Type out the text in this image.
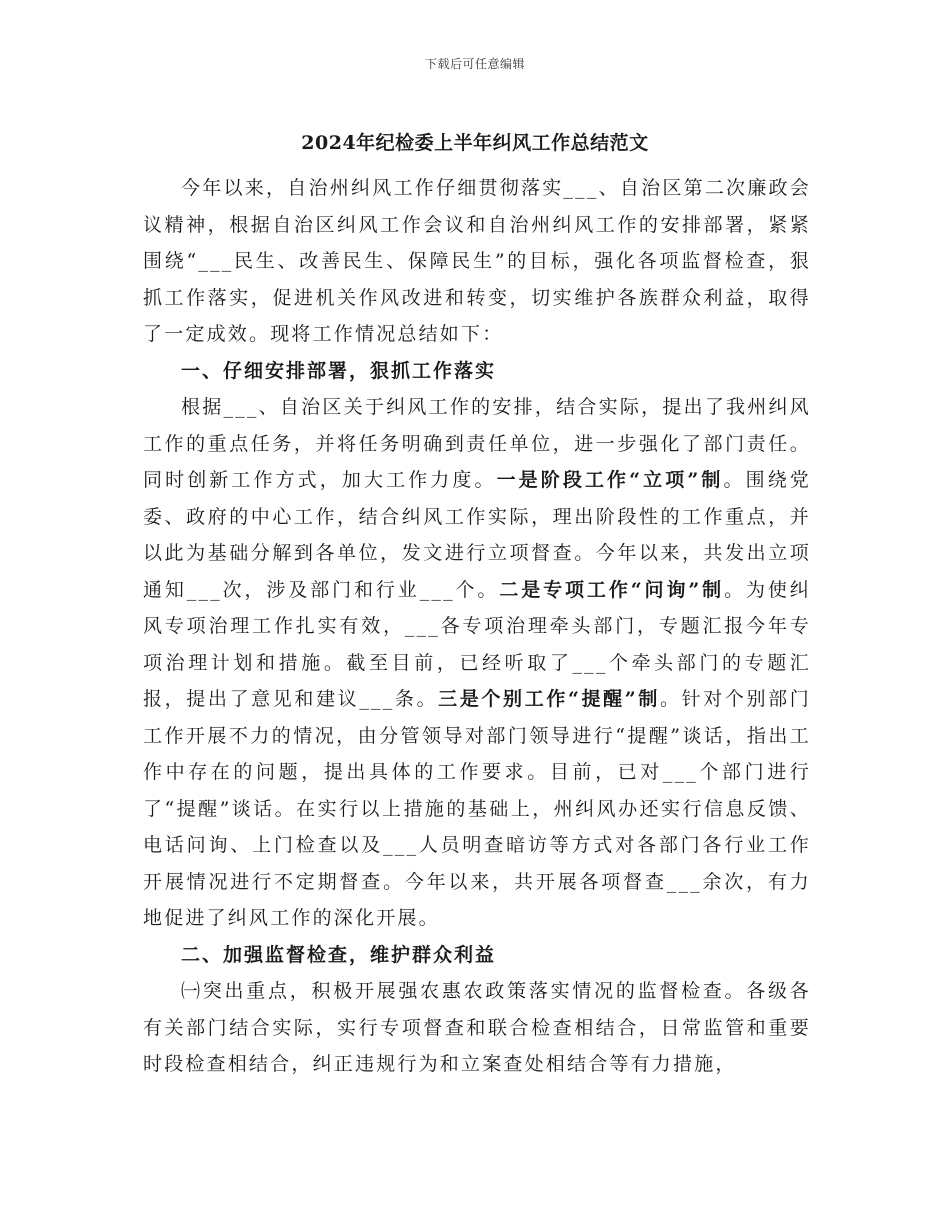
下载后可任意编辑
2024年纪检委上半年纠风工作总结范文

今年以来，自治州纠风工作仔细贯彻落实___、自治区第二次廉政会议精神，根据自治区纠风工作会议和自治州纠风工作的安排部署，紧紧围绕“___民生、改善民生、保障民生”的目标，强化各项监督检查，狠抓工作落实，促进机关作风改进和转变，切实维护各族群众利益，取得了一定成效。现将工作情况总结如下：

一、仔细安排部署，狠抓工作落实

根据___、自治区关于纠风工作的安排，结合实际，提出了我州纠风工作的重点任务，并将任务明确到责任单位，进一步强化了部门责任。同时创新工作方式，加大工作力度。一是阶段工作“立项”制。围绕党委、政府的中心工作，结合纠风工作实际，理出阶段性的工作重点，并以此为基础分解到各单位，发文进行立项督查。今年以来，共发出立项通知___次，涉及部门和行业___个。二是专项工作“问询”制。为使纠风专项治理工作扎实有效，___各专项治理牵头部门，专题汇报今年专项治理计划和措施。截至目前，已经听取了___个牵头部门的专题汇报，提出了意见和建议___条。三是个别工作“提醒”制。针对个别部门工作开展不力的情况，由分管领导对部门领导进行“提醒”谈话，指出工作中存在的问题，提出具体的工作要求。目前，已对___个部门进行了“提醒”谈话。在实行以上措施的基础上，州纠风办还实行信息反馈、电话问询、上门检查以及___人员明查暗访等方式对各部门各行业工作开展情况进行不定期督查。今年以来，共开展各项督查___余次，有力地促进了纠风工作的深化开展。

二、加强监督检查，维护群众利益

㈠突出重点，积极开展强农惠农政策落实情况的监督检查。各级各有关部门结合实际，实行专项督查和联合检查相结合，日常监管和重要时段检查相结合，纠正违规行为和立案查处相结合等有力措施，
